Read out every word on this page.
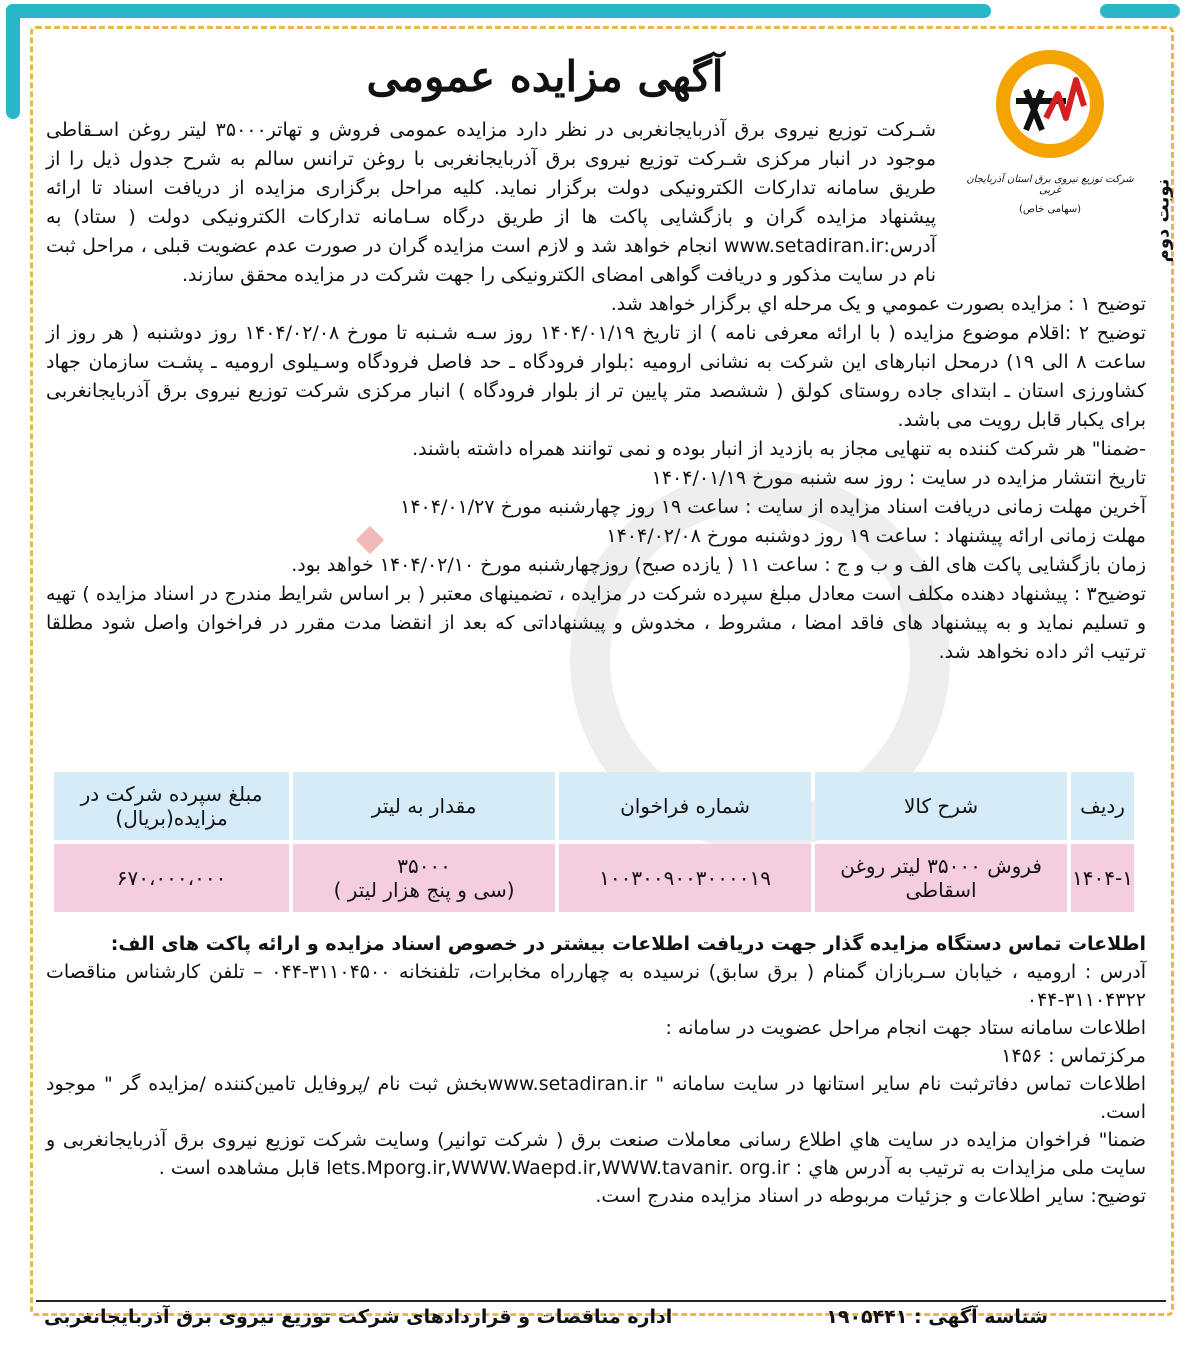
نوبت دوم
شرکت توزیع نیروی برق استان آذربایجان غربی
(سهامی خاص)
آگهی مزایده عمومی

شـرکت توزیع نیروی برق آذربایجانغربی در نظر دارد مزایده عمومی فروش و تهاتر۳۵۰۰۰ لیتر روغن اسـقاطی موجود در انبار مرکزی شـرکت توزیع نیروی برق آذربایجانغربی با روغن ترانس سالم به شرح جدول ذیل را از طریق سامانه تدارکات الکترونیکی دولت برگزار نماید. کلیه مراحل برگزاری مزایده از دریافت اسناد تا ارائه پیشنهاد مزایده گران و بازگشایی پاکت ها از طریق درگاه سـامانه تدارکات الکترونیکی دولت ( ستاد) به آدرس:www.setadiran.ir انجام خواهد شد و لازم است مزایده گران در صورت عدم عضویت قبلی ، مراحل ثبت نام در سایت مذکور و دریافت گواهی امضای الکترونیکی را جهت شرکت در مزایده محقق سازند.

توضیح ۱ : مزایده بصورت عمومي و یک مرحله اي برگزار خواهد شد.

توضیح ۲ :اقلام موضوع مزایده ( با ارائه معرفی نامه ) از تاریخ ۱۴۰۴/۰۱/۱۹ روز سـه شـنبه تا مورخ ۱۴۰۴/۰۲/۰۸ روز دوشنبه ( هر روز از ساعت ۸ الی ۱۹) درمحل انبارهای این شرکت به نشانی ارومیه :بلوار فرودگاه ـ حد فاصل فرودگاه وسـیلوی ارومیه ـ پشـت سازمان جهاد کشاورزی استان ـ ابتدای جاده روستای کولق ( ششصد متر پایین تر از بلوار فرودگاه ) انبار مرکزی شرکت توزیع نیروی برق آذربایجانغربی برای یکبار قابل رویت می باشد.

-ضمنا" هر شرکت کننده به تنهایی مجاز به بازدید از انبار بوده و نمی توانند همراه داشته باشند.

تاریخ انتشار مزایده در سایت : روز سه شنبه مورخ ۱۴۰۴/۰۱/۱۹

آخرین مهلت زمانی دریافت اسناد مزایده از سایت : ساعت ۱۹ روز چهارشنبه مورخ ۱۴۰۴/۰۱/۲۷

مهلت زمانی ارائه پیشنهاد : ساعت ۱۹ روز دوشنبه مورخ ۱۴۰۴/۰۲/۰۸

زمان بازگشایی پاکت های الف و ب و ج : ساعت ۱۱ ( یازده صبح) روزچهارشنبه مورخ ۱۴۰۴/۰۲/۱۰ خواهد بود.

توضیح۳ : پیشنهاد دهنده مکلف است معادل مبلغ سپرده شرکت در مزایده ، تضمینهای معتبر ( بر اساس شرایط مندرج در اسناد مزایده ) تهیه و تسلیم نماید و به پیشنهاد های فاقد امضا ، مشروط ، مخدوش و پیشنهاداتی که بعد از انقضا مدت مقرر در فراخوان واصل شود مطلقا ترتیب اثر داده نخواهد شد.

ردیف	شرح کالا	شماره فراخوان	مقدار به لیتر	مبلغ سپرده شرکت در مزایده(بریال)
۱۴۰۴-۱	فروش ۳۵۰۰۰ لیتر روغن اسقاطی	۱۰۰۳۰۰۹۰۰۳۰۰۰۰۱۹	۳۵۰۰۰
(سی و پنج هزار لیتر )	۶۷۰،۰۰۰،۰۰۰

اطلاعات تماس دستگاه مزایده گذار جهت دریافت اطلاعات بیشتر در خصوص اسناد مزایده و ارائه پاکت های الف:

آدرس : ارومیه ، خیابان سـربازان گمنام ( برق سابق) نرسیده به چهارراه مخابرات، تلفنخانه ۳۱۱۰۴۵۰۰-۰۴۴ – تلفن کارشناس مناقصات ۳۱۱۰۴۳۲۲-۰۴۴

اطلاعات سامانه ستاد جهت انجام مراحل عضویت در سامانه :

مرکزتماس : ۱۴۵۶

اطلاعات تماس دفاترثبت نام سایر استانها در سایت سامانه " www.setadiran.irبخش ثبت نام /پروفایل تامین‌کننده /مزایده گر " موجود است.

ضمنا" فراخوان مزایده در سایت هاي اطلاع رسانی معاملات صنعت برق ( شرکت توانیر) وسایت شرکت توزیع نیروی برق آذربایجانغربی و سایت ملی مزایدات به ترتیب به آدرس هاي : lets.Mporg.ir,WWW.Waepd.ir,WWW.tavanir. org.ir قابل مشاهده است .

توضیح: سایر اطلاعات و جزئیات مربوطه در اسناد مزایده مندرج است.

شناسه آگهی : ۱۹۰۵۴۴۱
اداره مناقصات و قراردادهای شرکت توزیع نیروی برق آذربایجانغربی
